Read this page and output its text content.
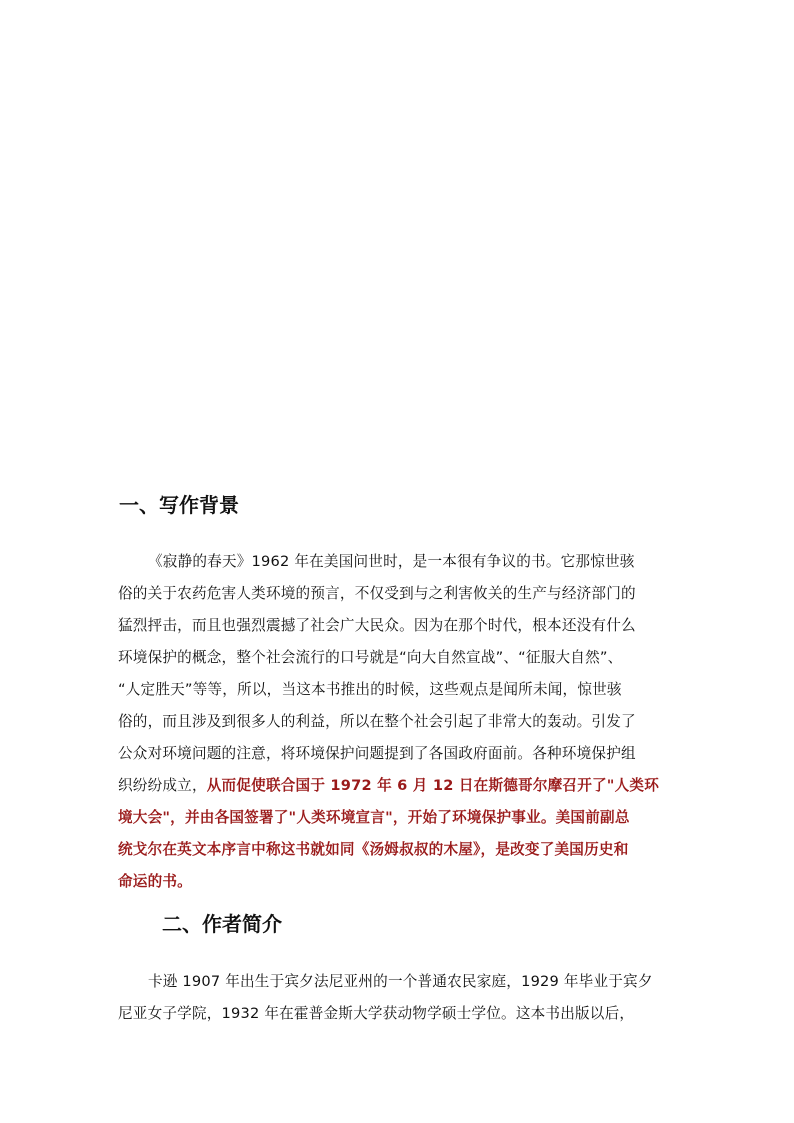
一、写作背景
《寂静的春天》1962 年在美国问世时，是一本很有争议的书。它那惊世骇
俗的关于农药危害人类环境的预言，不仅受到与之利害攸关的生产与经济部门的
猛烈抨击，而且也强烈震撼了社会广大民众。因为在那个时代，根本还没有什么
环境保护的概念，整个社会流行的口号就是“向大自然宣战”、“征服大自然”、
“人定胜天”等等，所以，当这本书推出的时候，这些观点是闻所未闻，惊世骇
俗的，而且涉及到很多人的利益，所以在整个社会引起了非常大的轰动。引发了
公众对环境问题的注意，将环境保护问题提到了各国政府面前。各种环境保护组
织纷纷成立，从而促使联合国于 1972 年 6 月 12 日在斯德哥尔摩召开了"人类环
境大会"，并由各国签署了"人类环境宣言"，开始了环境保护事业。美国前副总
统戈尔在英文本序言中称这书就如同《汤姆叔叔的木屋》，是改变了美国历史和
命运的书。
二、作者简介
卡逊 1907 年出生于宾夕法尼亚州的一个普通农民家庭，1929 年毕业于宾夕
尼亚女子学院，1932 年在霍普金斯大学获动物学硕士学位。这本书出版以后，
